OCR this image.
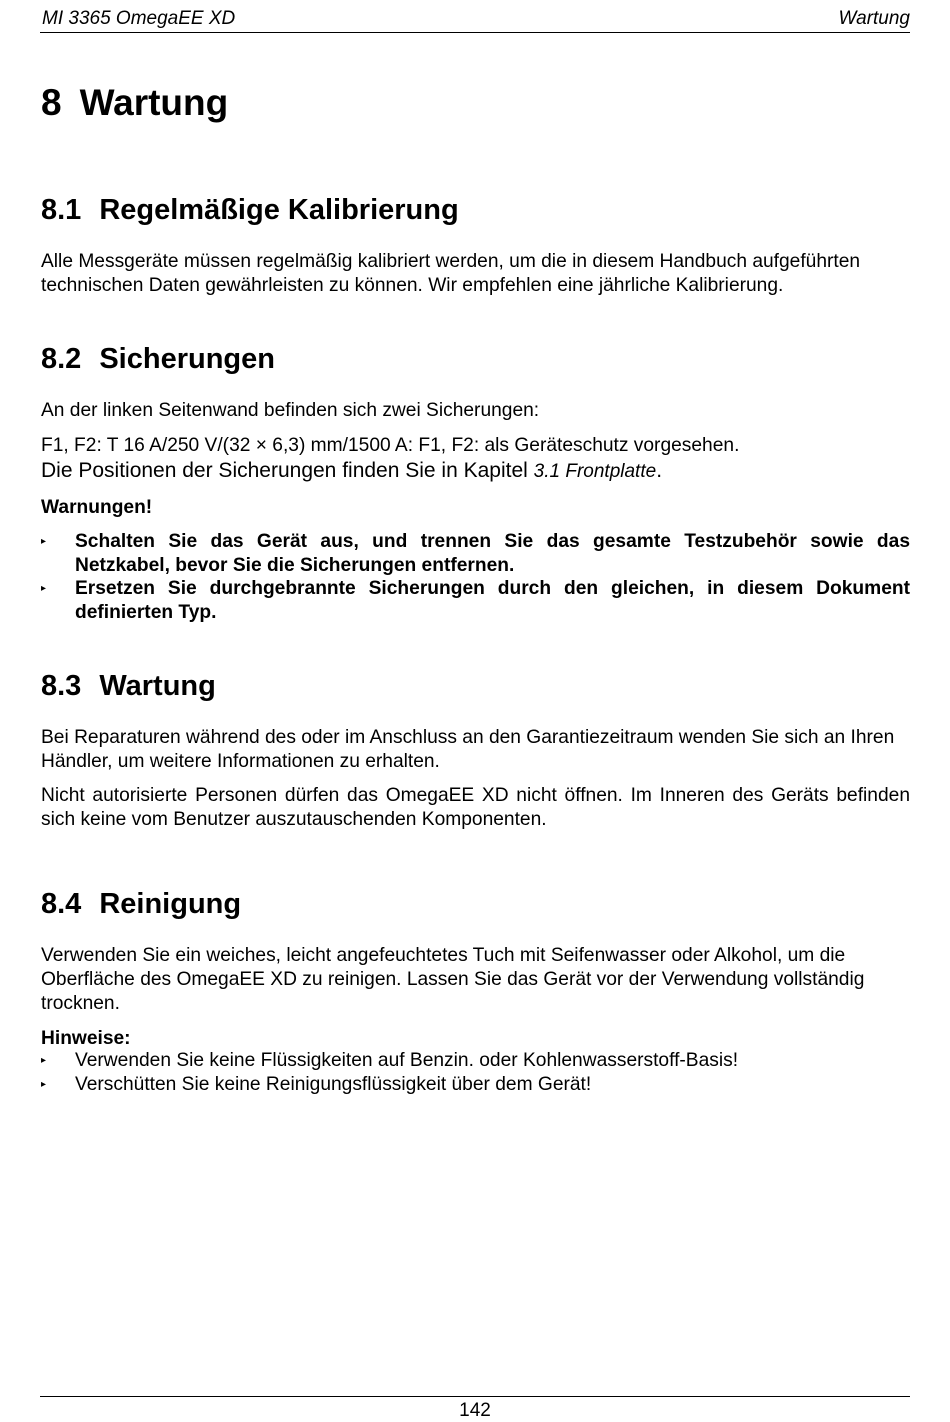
MI 3365 OmegaEE XD	Wartung
8 Wartung
8.1 Regelmäßige Kalibrierung

Alle Messgeräte müssen regelmäßig kalibriert werden, um die in diesem Handbuch aufgeführten technischen Daten gewährleisten zu können. Wir empfehlen eine jährliche Kalibrierung.

8.2 Sicherungen

An der linken Seitenwand befinden sich zwei Sicherungen:

F1, F2: T 16 A/250 V/(32 × 6,3) mm/1500 A: F1, F2: als Geräteschutz vorgesehen.

Die Positionen der Sicherungen finden Sie in Kapitel 3.1 Frontplatte.

Warnungen!

▸ Schalten Sie das Gerät aus, und trennen Sie das gesamte Testzubehör sowie das Netzkabel, bevor Sie die Sicherungen entfernen.
▸ Ersetzen Sie durchgebrannte Sicherungen durch den gleichen, in diesem Dokument definierten Typ.
8.3 Wartung

Bei Reparaturen während des oder im Anschluss an den Garantiezeitraum wenden Sie sich an Ihren Händler, um weitere Informationen zu erhalten.

Nicht autorisierte Personen dürfen das OmegaEE XD nicht öffnen. Im Inneren des Geräts befinden sich keine vom Benutzer auszutauschenden Komponenten.

8.4 Reinigung

Verwenden Sie ein weiches, leicht angefeuchtetes Tuch mit Seifenwasser oder Alkohol, um die Oberfläche des OmegaEE XD zu reinigen. Lassen Sie das Gerät vor der Verwendung vollständig trocknen.

Hinweise:

▸ Verwenden Sie keine Flüssigkeiten auf Benzin. oder Kohlenwasserstoff-Basis!
▸ Verschütten Sie keine Reinigungsflüssigkeit über dem Gerät!
142
